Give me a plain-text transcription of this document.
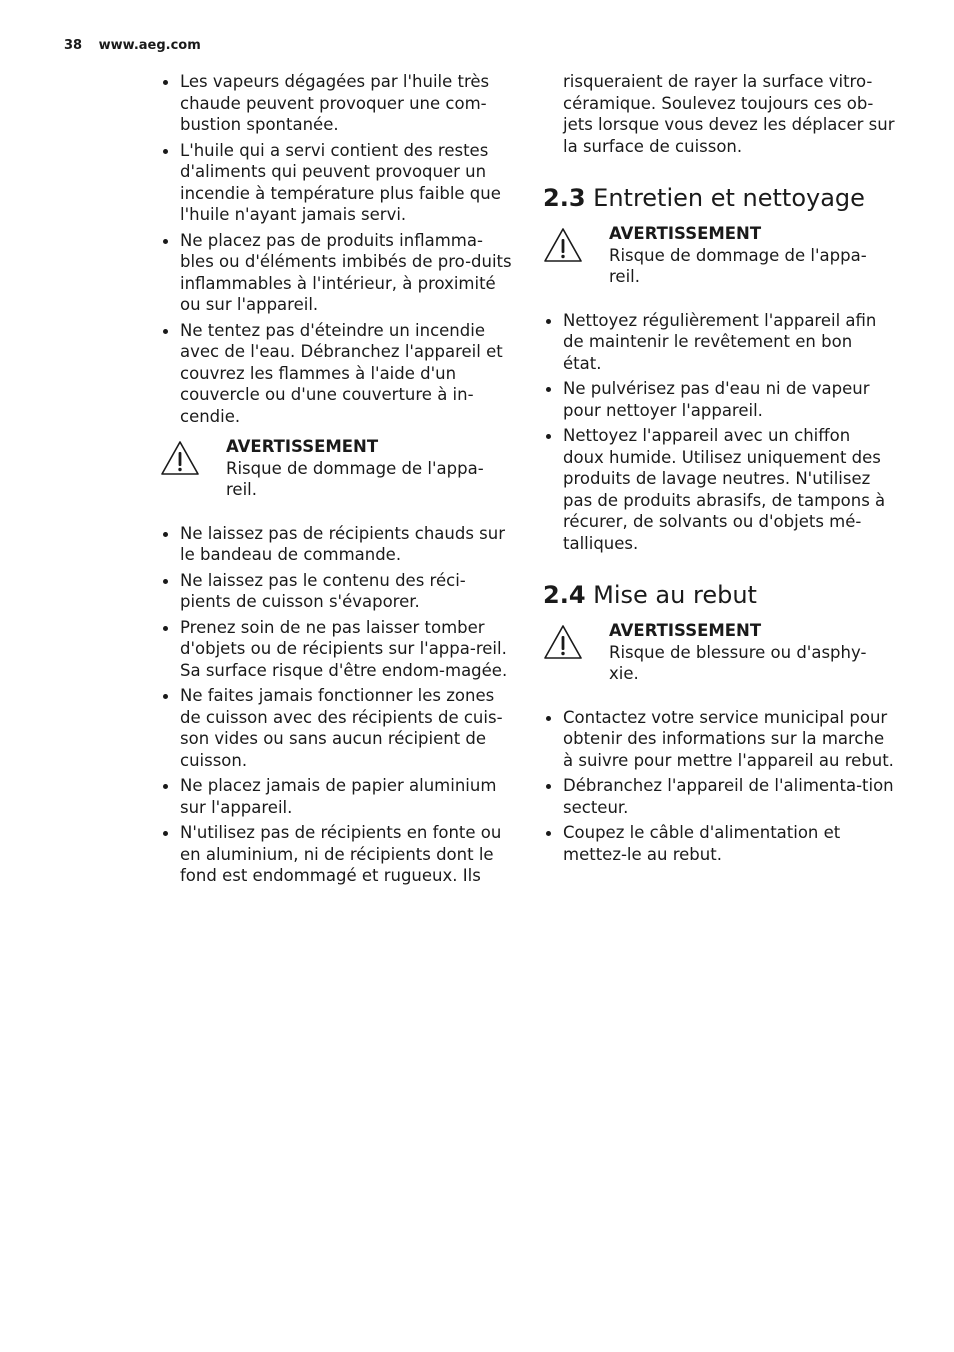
38 www.aeg.com
Les vapeurs dégagées par l'huile très chaude peuvent provoquer une com-bustion spontanée.
L'huile qui a servi contient des restes d'aliments qui peuvent provoquer un incendie à température plus faible que l'huile n'ayant jamais servi.
Ne placez pas de produits inflamma-bles ou d'éléments imbibés de pro-duits inflammables à l'intérieur, à proximité ou sur l'appareil.
Ne tentez pas d'éteindre un incendie avec de l'eau. Débranchez l'appareil et couvrez les flammes à l'aide d'un couvercle ou d'une couverture à in-cendie.
AVERTISSEMENT
Risque de dommage de l'appa-reil.
Ne laissez pas de récipients chauds sur le bandeau de commande.
Ne laissez pas le contenu des réci-pients de cuisson s'évaporer.
Prenez soin de ne pas laisser tomber d'objets ou de récipients sur l'appa-reil. Sa surface risque d'être endom-magée.
Ne faites jamais fonctionner les zones de cuisson avec des récipients de cuis-son vides ou sans aucun récipient de cuisson.
Ne placez jamais de papier aluminium sur l'appareil.
N'utilisez pas de récipients en fonte ou en aluminium, ni de récipients dont le fond est endommagé et rugueux. Ils
risqueraient de rayer la surface vitro-céramique. Soulevez toujours ces ob-jets lorsque vous devez les déplacer sur la surface de cuisson.
2.3 Entretien et nettoyage
AVERTISSEMENT
Risque de dommage de l'appa-reil.
Nettoyez régulièrement l'appareil afin de maintenir le revêtement en bon état.
Ne pulvérisez pas d'eau ni de vapeur pour nettoyer l'appareil.
Nettoyez l'appareil avec un chiffon doux humide. Utilisez uniquement des produits de lavage neutres. N'utilisez pas de produits abrasifs, de tampons à récurer, de solvants ou d'objets mé-talliques.
2.4 Mise au rebut
AVERTISSEMENT
Risque de blessure ou d'asphy-xie.
Contactez votre service municipal pour obtenir des informations sur la marche à suivre pour mettre l'appareil au rebut.
Débranchez l'appareil de l'alimenta-tion secteur.
Coupez le câble d'alimentation et mettez-le au rebut.
